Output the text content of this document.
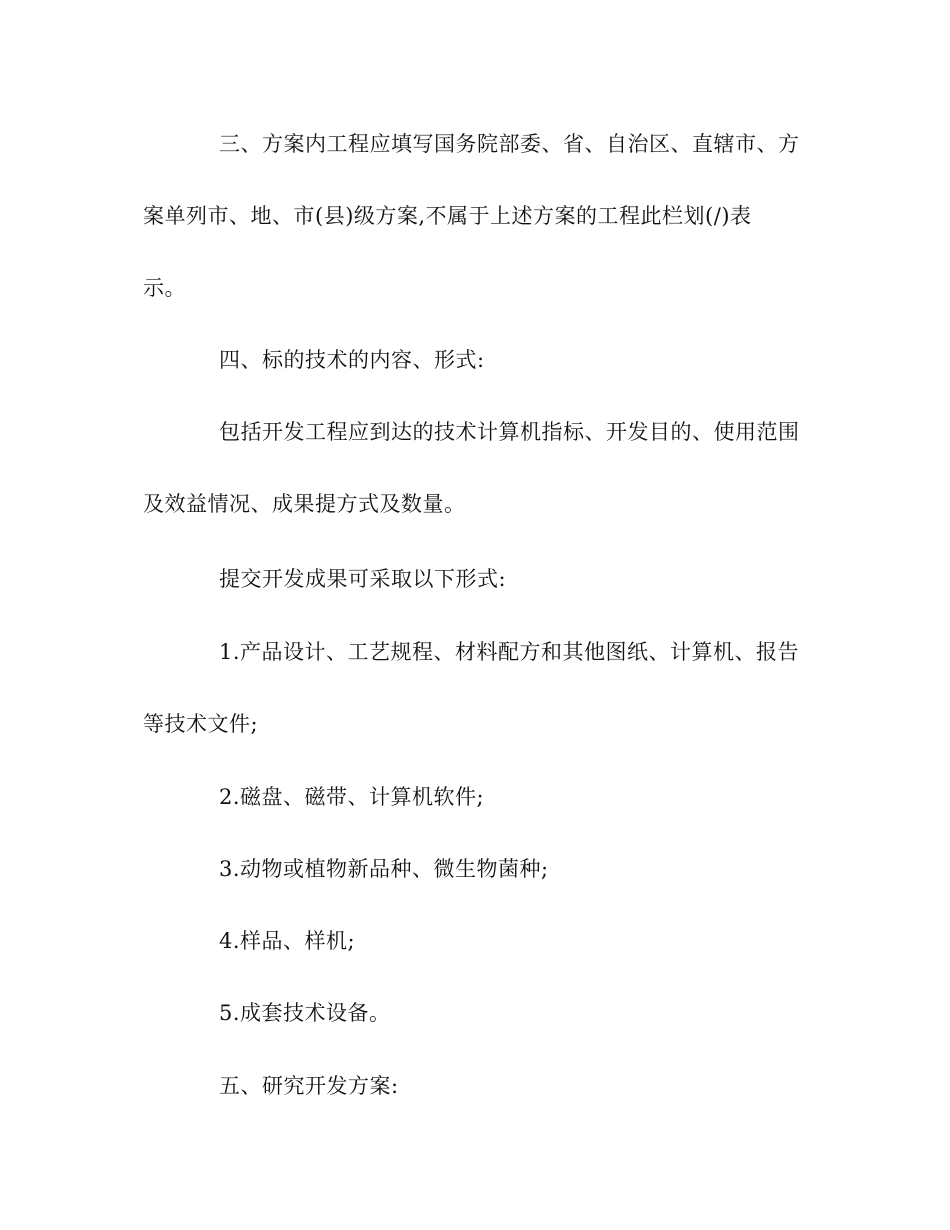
三、方案内工程应填写国务院部委、省、自治区、直辖市、方

案单列市、地、市(县)级方案,不属于上述方案的工程此栏划(/)表

示。

四、标的技术的内容、形式:

包括开发工程应到达的技术计算机指标、开发目的、使用范围

及效益情况、成果提方式及数量。

提交开发成果可采取以下形式:

1.产品设计、工艺规程、材料配方和其他图纸、计算机、报告

等技术文件;

2.磁盘、磁带、计算机软件;

3.动物或植物新品种、微生物菌种;

4.样品、样机;

5.成套技术设备。

五、研究开发方案:
